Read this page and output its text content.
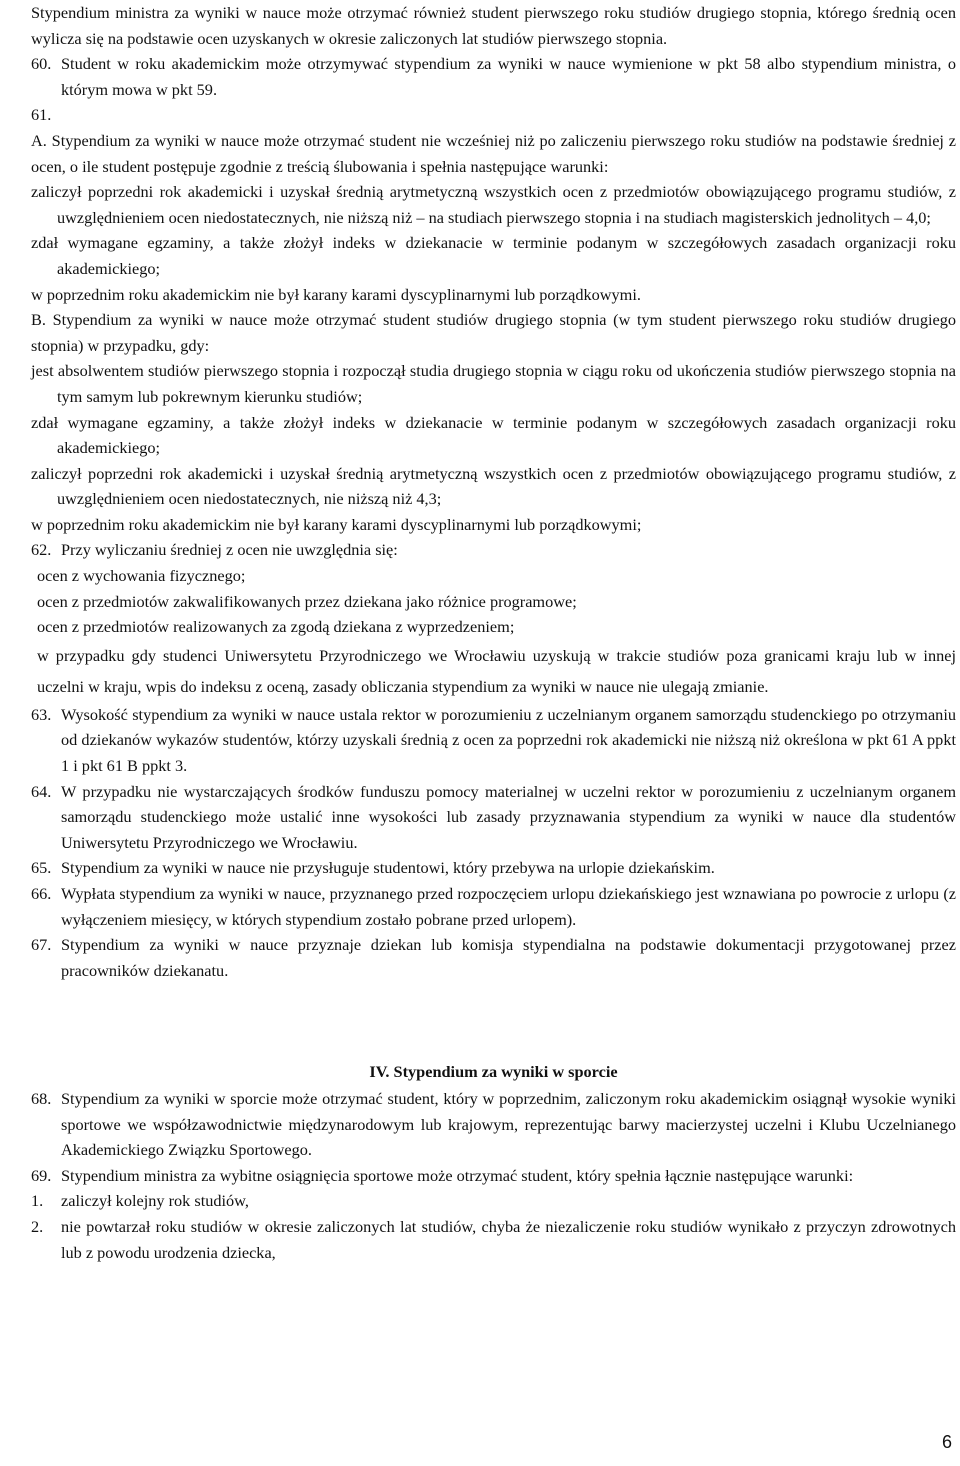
Stypendium ministra za wyniki w nauce może otrzymać również student pierwszego roku studiów drugiego stopnia, którego średnią ocen wylicza się na podstawie ocen uzyskanych w okresie zaliczonych lat studiów pierwszego stopnia.

60. Student w roku akademickim może otrzymywać stypendium za wyniki w nauce wymienione w pkt 58 albo stypendium ministra, o którym mowa w pkt 59.

61.

A. Stypendium za wyniki w nauce może otrzymać student nie wcześniej niż po zaliczeniu pierwszego roku studiów na podstawie średniej z ocen, o ile student postępuje zgodnie z treścią ślubowania i spełnia następujące warunki:

zaliczył poprzedni rok akademicki i uzyskał średnią arytmetyczną wszystkich ocen z przedmiotów obowiązującego programu studiów, z uwzględnieniem ocen niedostatecznych, nie niższą niż – na studiach pierwszego stopnia i na studiach magisterskich jednolitych – 4,0;

zdał wymagane egzaminy, a także złożył indeks w dziekanacie w terminie podanym w szczegółowych zasadach organizacji roku akademickiego;

w poprzednim roku akademickim nie był karany karami dyscyplinarnymi lub porządkowymi.

B. Stypendium za wyniki w nauce może otrzymać student studiów drugiego stopnia (w tym student pierwszego roku studiów drugiego stopnia) w przypadku, gdy:

jest absolwentem studiów pierwszego stopnia i rozpoczął studia drugiego stopnia w ciągu roku od ukończenia studiów pierwszego stopnia na tym samym lub pokrewnym kierunku studiów;

zdał wymagane egzaminy, a także złożył indeks w dziekanacie w terminie podanym w szczegółowych zasadach organizacji roku akademickiego;

zaliczył poprzedni rok akademicki i uzyskał średnią arytmetyczną wszystkich ocen z przedmiotów obowiązującego programu studiów, z uwzględnieniem ocen niedostatecznych, nie niższą niż 4,3;

w poprzednim roku akademickim nie był karany karami dyscyplinarnymi lub porządkowymi;

62. Przy wyliczaniu średniej z ocen nie uwzględnia się:

ocen z wychowania fizycznego;

ocen z przedmiotów zakwalifikowanych przez dziekana jako różnice programowe;

ocen z przedmiotów realizowanych za zgodą dziekana z wyprzedzeniem;

w przypadku gdy studenci Uniwersytetu Przyrodniczego we Wrocławiu uzyskują w trakcie studiów poza granicami kraju lub w innej uczelni w kraju, wpis do indeksu z oceną, zasady obliczania stypendium za wyniki w nauce nie ulegają zmianie.

63. Wysokość stypendium za wyniki w nauce ustala rektor w porozumieniu z uczelnianym organem samorządu studenckiego po otrzymaniu od dziekanów wykazów studentów, którzy uzyskali średnią z ocen za poprzedni rok akademicki nie niższą niż określona w pkt 61 A ppkt 1 i pkt 61 B ppkt 3.

64. W przypadku nie wystarczających środków funduszu pomocy materialnej w uczelni rektor w porozumieniu z uczelnianym organem samorządu studenckiego może ustalić inne wysokości lub zasady przyznawania stypendium za wyniki w nauce dla studentów Uniwersytetu Przyrodniczego we Wrocławiu.

65. Stypendium za wyniki w nauce nie przysługuje studentowi, który przebywa na urlopie dziekańskim.

66. Wypłata stypendium za wyniki w nauce, przyznanego przed rozpoczęciem urlopu dziekańskiego jest wznawiana po powrocie z urlopu (z wyłączeniem miesięcy, w których stypendium zostało pobrane przed urlopem).

67. Stypendium za wyniki w nauce przyznaje dziekan lub komisja stypendialna na podstawie dokumentacji przygotowanej przez pracowników dziekanatu.

IV. Stypendium za wyniki w sporcie

68. Stypendium za wyniki w sporcie może otrzymać student, który w poprzednim, zaliczonym roku akademickim osiągnął wysokie wyniki sportowe we współzawodnictwie międzynarodowym lub krajowym, reprezentując barwy macierzystej uczelni i Klubu Uczelnianego Akademickiego Związku Sportowego.

69. Stypendium ministra za wybitne osiągnięcia sportowe może otrzymać student, który spełnia łącznie następujące warunki:

1. zaliczył kolejny rok studiów,

2. nie powtarzał roku studiów w okresie zaliczonych lat studiów, chyba że niezaliczenie roku studiów wynikało z przyczyn zdrowotnych lub z powodu urodzenia dziecka,

6
